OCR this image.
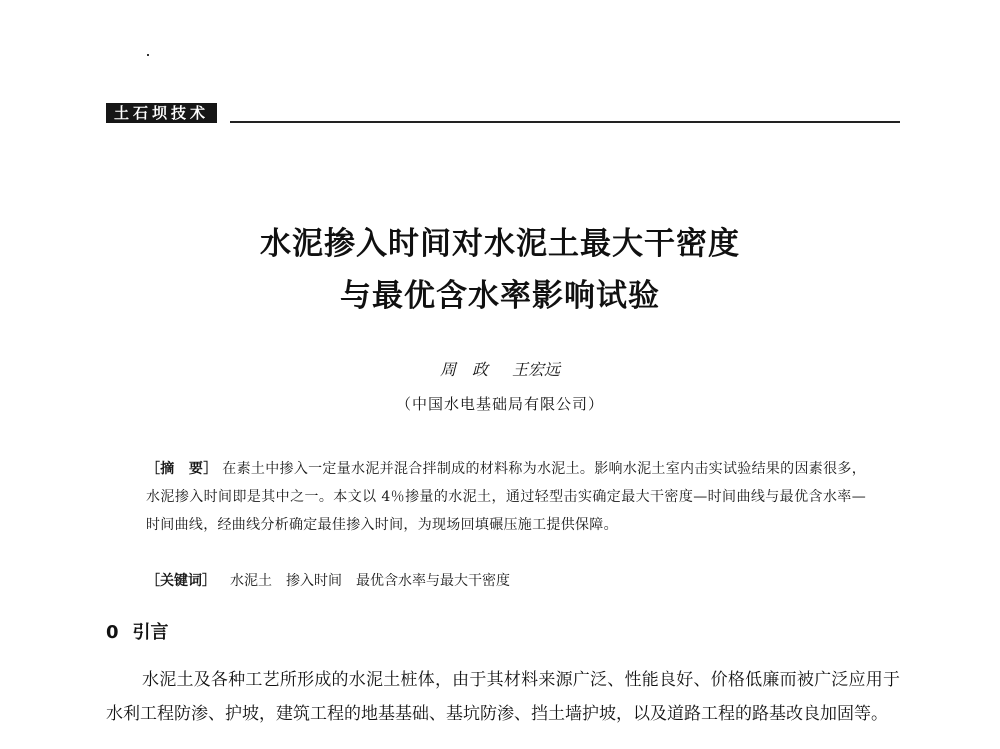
土石坝技术
水泥掺入时间对水泥土最大干密度
与最优含水率影响试验
周　政 王宏远
（中国水电基础局有限公司）
［摘　要］ 在素土中掺入一定量水泥并混合拌制成的材料称为水泥土。影响水泥土室内击实试验结果的因素很多，水泥掺入时间即是其中之一。本文以 4％掺量的水泥土，通过轻型击实确定最大干密度—时间曲线与最优含水率—时间曲线，经曲线分析确定最佳掺入时间，为现场回填碾压施工提供保障。
［关键词］ 水泥土 掺入时间 最优含水率与最大干密度
0 引言
水泥土及各种工艺所形成的水泥土桩体，由于其材料来源广泛、性能良好、价格低廉而被广泛应用于水利工程防渗、护坡，建筑工程的地基基础、基坑防渗、挡土墙护坡，以及道路工程的路基改良加固等。
